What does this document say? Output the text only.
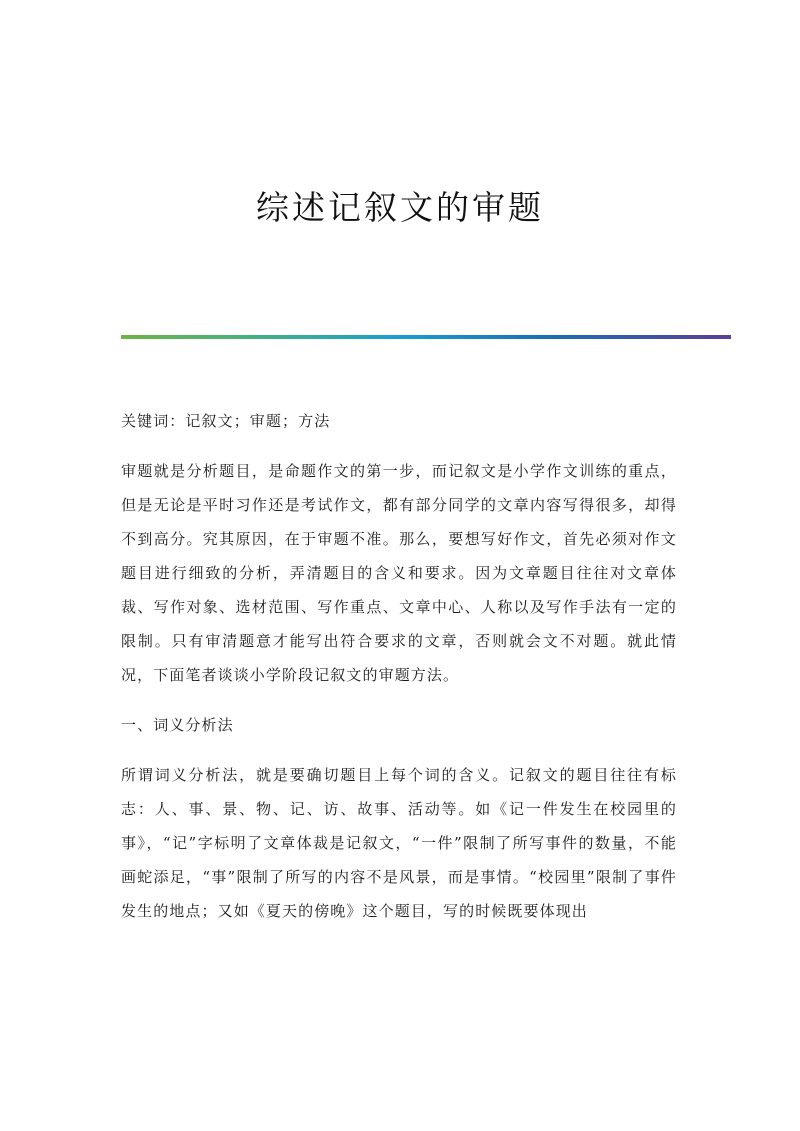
综述记叙文的审题

关键词：记叙文；审题；方法

审题就是分析题目，是命题作文的第一步，而记叙文是小学作文训练的重点，但是无论是平时习作还是考试作文，都有部分同学的文章内容写得很多，却得不到高分。究其原因，在于审题不准。那么，要想写好作文，首先必须对作文题目进行细致的分析，弄清题目的含义和要求。因为文章题目往往对文章体裁、写作对象、选材范围、写作重点、文章中心、人称以及写作手法有一定的限制。只有审清题意才能写出符合要求的文章，否则就会文不对题。就此情况，下面笔者谈谈小学阶段记叙文的审题方法。

一、词义分析法

所谓词义分析法，就是要确切题目上每个词的含义。记叙文的题目往往有标志：人、事、景、物、记、访、故事、活动等。如《记一件发生在校园里的事》，“记”字标明了文章体裁是记叙文，“一件”限制了所写事件的数量，不能画蛇添足，“事”限制了所写的内容不是风景，而是事情。“校园里”限制了事件发生的地点；又如《夏天的傍晚》这个题目，写的时候既要体现出
